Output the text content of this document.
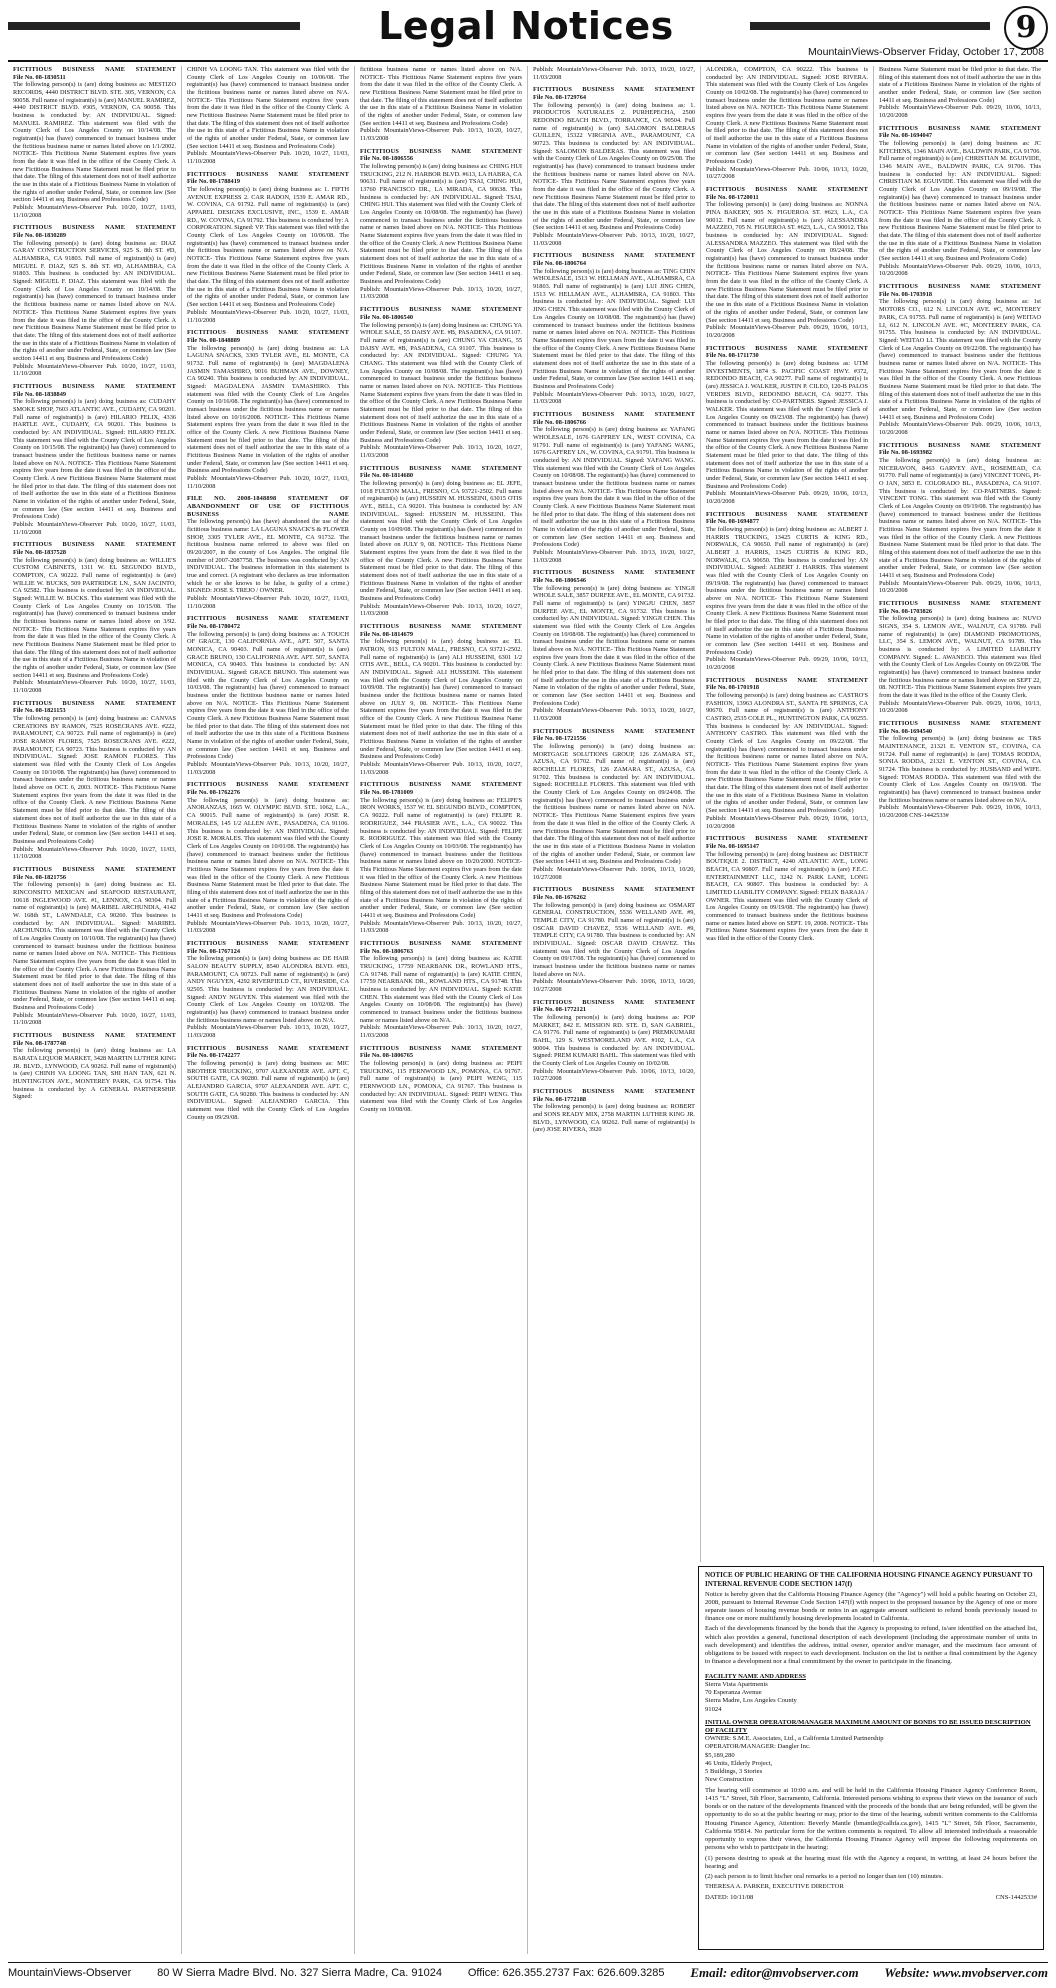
Legal Notices	9
MountainViews-Observer Friday, October 17, 2008
FICTITIOUS BUSINESS NAME STATEMENT
File No. 08-1830511

The following person(s) is (are) doing business as: MESTIZO RECORDS, 4440 DISTRICT BLVD. STE. 305, VERNON, CA 90058. Full name of registrant(s) is (are) MANUEL RAMIREZ, 4440 DISTRICT BLVD. #305, VERNON, CA 90058. This business is conducted by: AN INDIVIDUAL. Signed: MANUEL RAMIREZ. This statement was filed with the County Clerk of Los Angeles County on 10/14/08. The registrant(s) has (have) commenced to transact business under the fictitious business name or names listed above on 1/1/2002. NOTICE- This Fictitious Name Statement expires five years from the date it was filed in the office of the County Clerk. A new Fictitious Business Name Statement must be filed prior to that date. The filing of this statement does not of itself authorize the use in this state of a Fictitious Business Name in violation of the rights of another under Federal, State, or common law (See section 14411 et seq. Business and Professions Code)

Publish: MountainViews-Observer Pub. 10/20, 10/27, 11/03, 11/10/2008
FICTITIOUS BUSINESS NAME STATEMENT
File No. 08-1830289

The following person(s) is (are) doing business as: DIAZ GARAY CONSTRUCTION SERVICES, 925 S. 8th ST. #D, ALHAMBRA, CA 91803. Full name of registrant(s) is (are) MIGUEL F. DIAZ, 925 S. 8th ST. #D, ALHAMBRA, CA 91803. This business is conducted by: AN INDIVIDUAL. Signed: MIGUEL F. DIAZ. This statement was filed with the County Clerk of Los Angeles County on 10/14/08. The registrant(s) has (have) commenced to transact business under the fictitious business name or names listed above on N/A. NOTICE- This Fictitious Name Statement expires five years from the date it was filed in the office of the County Clerk. A new Fictitious Business Name Statement must be filed prior to that date. The filing of this statement does not of itself authorize the use in this state of a Fictitious Business Name in violation of the rights of another under Federal, State, or common law (See section 14411 et seq. Business and Professions Code)

Publish: MountainViews-Observer Pub. 10/20, 10/27, 11/03, 11/10/2008
FICTITIOUS BUSINESS NAME STATEMENT
File No. 08-1838849

The following person(s) is (are) doing business as: CUDAHY SMOKE SHOP, 7603 ATLANTIC AVE., CUDAHY, CA 90201. Full name of registrant(s) is (are) HILARIO FELIX, 4336 HARTLE AVE., CUDAHY, CA 90201. This business is conducted by: AN INDIVIDUAL. Signed: HILARIO FELIX. This statement was filed with the County Clerk of Los Angeles County on 10/15/08. The registrant(s) has (have) commenced to transact business under the fictitious business name or names listed above on N/A. NOTICE- This Fictitious Name Statement expires five years from the date it was filed in the office of the County Clerk. A new Fictitious Business Name Statement must be filed prior to that date. The filing of this statement does not of itself authorize the use in this state of a Fictitious Business Name in violation of the rights of another under Federal, State, or common law (See section 14411 et seq. Business and Professions Code)

Publish: MountainViews-Observer Pub. 10/20, 10/27, 11/03, 11/10/2008
FICTITIOUS BUSINESS NAME STATEMENT
File No. 08-1837528

The following person(s) is (are) doing business as: WILLIE'S CUSTOM CABINETS, 1311 W. EL SEGUNDO BLVD., COMPTON, CA 90222. Full name of registrant(s) is (are) WILLIE W. BUCKS, 509 PARTRIDGE LN., SAN JACINTO, CA 92582. This business is conducted by: AN INDIVIDUAL. Signed: WILLIE W. BUCKS. This statement was filed with the County Clerk of Los Angeles County on 10/15/08. The registrant(s) has (have) commenced to transact business under the fictitious business name or names listed above on 3/92. NOTICE- This Fictitious Name Statement expires five years from the date it was filed in the office of the County Clerk. A new Fictitious Business Name Statement must be filed prior to that date. The filing of this statement does not of itself authorize the use in this state of a Fictitious Business Name in violation of the rights of another under Federal, State, or common law (See section 14411 et seq. Business and Professions Code)

Publish: MountainViews-Observer Pub. 10/20, 10/27, 11/03, 11/10/2008
FICTITIOUS BUSINESS NAME STATEMENT
File No. 08-1821153

The following person(s) is (are) doing business as: CANVAS CREATIONS BY RAMON, 7525 ROSECRANS AVE. #222, PARAMOUNT, CA 90723. Full name of registrant(s) is (are) JOSE RAMON FLORES, 7525 ROSECRANS AVE. #222, PARAMOUNT, CA 90723. This business is conducted by: AN INDIVIDUAL. Signed: JOSE RAMON FLORES. This statement was filed with the County Clerk of Los Angeles County on 10/10/08. The registrant(s) has (have) commenced to transact business under the fictitious business name or names listed above on OCT. 6, 2003. NOTICE- This Fictitious Name Statement expires five years from the date it was filed in the office of the County Clerk. A new Fictitious Business Name Statement must be filed prior to that date. The filing of this statement does not of itself authorize the use in this state of a Fictitious Business Name in violation of the rights of another under Federal, State, or common law (See section 14411 et seq. Business and Professions Code)

Publish: MountainViews-Observer Pub. 10/20, 10/27, 11/03, 11/10/2008
FICTITIOUS BUSINESS NAME STATEMENT
File No. 08-1821756

The following person(s) is (are) doing business as: EL RINCONSITO MEXICAN and SEAFOOD RESTAURANT, 10618 INGLEWOOD AVE. #1, LENNOX, CA 90304. Full name of registrant(s) is (are) MARIBEL ARCHUNDIA, 4142 W. 168th ST., LAWNDALE, CA 90260. This business is conducted by: AN INDIVIDUAL. Signed: MARIBEL ARCHUNDIA. This statement was filed with the County Clerk of Los Angeles County on 10/10/08. The registrant(s) has (have) commenced to transact business under the fictitious business name or names listed above on N/A. NOTICE- This Fictitious Name Statement expires five years from the date it was filed in the office of the County Clerk. A new Fictitious Business Name Statement must be filed prior to that date. The filing of this statement does not of itself authorize the use in this state of a Fictitious Business Name in violation of the rights of another under Federal, State, or common law (See section 14411 et seq. Business and Professions Code)

Publish: MountainViews-Observer Pub. 10/20, 10/27, 11/03, 11/10/2008
FICTITIOUS BUSINESS NAME STATEMENT
File No. 08-1787748

The following person(s) is (are) doing business as: LA BARATA LIQUOR MARKET, 3428 MARTIN LUTHER KING JR. BLVD., LYNWOOD, CA 90262. Full name of registrant(s) is (are) CHINH VA LOONG TAN, SHI HAN TAN, 621 N. HUNTINGTON AVE., MONTEREY PARK, CA 91754. This business is conducted by: A GENERAL PARTNERSHIP. Signed:

CHINH VA LOONG TAN. This statement was filed with the County Clerk of Los Angeles County on 10/06/08. The registrant(s) has (have) commenced to transact business under the fictitious business name or names listed above on N/A. NOTICE- This Fictitious Name Statement expires five years from the date it was filed in the office of the County Clerk. A new Fictitious Business Name Statement must be filed prior to that date. The filing of this statement does not of itself authorize the use in this state of a Fictitious Business Name in violation of the rights of another under Federal, State, or common law (See section 14411 et seq. Business and Professions Code)

Publish: MountainViews-Observer Pub. 10/20, 10/27, 11/03, 11/10/2008
FICTITIOUS BUSINESS NAME STATEMENT
File No. 08-1788419

The following person(s) is (are) doing business as: 1. FIFTH AVENUE EXPRESS 2. CAR RADON, 1539 E. AMAR RD., W. COVINA, CA 91792. Full name of registrant(s) is (are) APPAREL DESIGNS EXCLUSIVE, INC., 1539 E. AMAR RD., W. COVINA, CA 91792. This business is conducted by: A CORPORATION. Signed: VP. This statement was filed with the County Clerk of Los Angeles County on 10/06/08. The registrant(s) has (have) commenced to transact business under the fictitious business name or names listed above on N/A. NOTICE- This Fictitious Name Statement expires five years from the date it was filed in the office of the County Clerk. A new Fictitious Business Name Statement must be filed prior to that date. The filing of this statement does not of itself authorize the use in this state of a Fictitious Business Name in violation of the rights of another under Federal, State, or common law (See section 14411 et seq. Business and Professions Code)

Publish: MountainViews-Observer Pub. 10/20, 10/27, 11/03, 11/10/2008
FICTITIOUS BUSINESS NAME STATEMENT
File No. 08-1848889

The following person(s) is (are) doing business as: LA LAGUNA SNACKS, 3305 TYLER AVE., EL MONTE, CA 91732. Full name of registrant(s) is (are) MAGDALENA JASMIN TAMASHIRO, 9016 BUHMAN AVE., DOWNEY, CA 90240. This business is conducted by: AN INDIVIDUAL. Signed: MAGDALENA JASMIN TAMASHIRO. This statement was filed with the County Clerk of Los Angeles County on 10/16/08. The registrant(s) has (have) commenced to transact business under the fictitious business name or names listed above on 10/16/2008. NOTICE- This Fictitious Name Statement expires five years from the date it was filed in the office of the County Clerk. A new Fictitious Business Name Statement must be filed prior to that date. The filing of this statement does not of itself authorize the use in this state of a Fictitious Business Name in violation of the rights of another under Federal, State, or common law (See section 14411 et seq. Business and Professions Code)

Publish: MountainViews-Observer Pub. 10/20, 10/27, 11/03, 11/10/2008
FILE NO. 2008-1848898 STATEMENT OF ABANDONMENT OF USE OF FICTITIOUS BUSINESS NAME

The following person(s) has (have) abandoned the use of the fictitious business name: LA LAGUNA SNACK'S & FLOWER SHOP, 3305 TYLER AVE., EL MONTE, CA 91732. The fictitious business name referred to above was filed on 09/20/2007, in the county of Los Angeles. The original file number of 2007-2087758. The business was conducted by: AN INDIVIDUAL. The business information in this statement is true and correct. (A registrant who declares as true information which he or she knows to be false, is guilty of a crime.) SIGNED: JOSE S. TREJO / OWNER.

Publish: MountainViews-Observer Pub. 10/20, 10/27, 11/03, 11/10/2008
FICTITIOUS BUSINESS NAME STATEMENT
File No. 08-1780472

The following person(s) is (are) doing business as: A TOUCH OF GRACE, 130 CALIFORNIA AVE., APT. 507, SANTA MONICA, CA 90403. Full name of registrant(s) is (are) GRACE BRUNO, 130 CALIFORNIA AVE. APT. 507, SANTA MONICA, CA 90403. This business is conducted by: AN INDIVIDUAL. Signed: GRACE BRUNO. This statement was filed with the County Clerk of Los Angeles County on 10/03/08. The registrant(s) has (have) commenced to transact business under the fictitious business name or names listed above on N/A. NOTICE- This Fictitious Name Statement expires five years from the date it was filed in the office of the County Clerk. A new Fictitious Business Name Statement must be filed prior to that date. The filing of this statement does not of itself authorize the use in this state of a Fictitious Business Name in violation of the rights of another under Federal, State, or common law (See section 14411 et seq. Business and Professions Code)

Publish: MountainViews-Observer Pub. 10/13, 10/20, 10/27, 11/03/2008
FICTITIOUS BUSINESS NAME STATEMENT
File No. 08-1762276

The following person(s) is (are) doing business as: ANORANZAS, 1665 W. OLYMPIC BLVD. STE. 1062, L.A., CA 90015. Full name of registrant(s) is (are) JOSE R. MORALES, 145 1/2 ALLEN AVE., PASADENA, CA 91106. This business is conducted by: AN INDIVIDUAL. Signed: JOSE R. MORALES. This statement was filed with the County Clerk of Los Angeles County on 10/01/08. The registrant(s) has (have) commenced to transact business under the fictitious business name or names listed above on N/A. NOTICE- This Fictitious Name Statement expires five years from the date it was filed in the office of the County Clerk. A new Fictitious Business Name Statement must be filed prior to that date. The filing of this statement does not of itself authorize the use in this state of a Fictitious Business Name in violation of the rights of another under Federal, State, or common law (See section 14411 et seq. Business and Professions Code)

Publish: MountainViews-Observer Pub. 10/13, 10/20, 10/27, 11/03/2008
FICTITIOUS BUSINESS NAME STATEMENT
File No. 08-1767124

The following person(s) is (are) doing business as: DE HAIR SALON BEAUTY SUPPLY, 8540 ALONDRA BLVD. #B3, PARAMOUNT, CA 90723. Full name of registrant(s) is (are) ANDY NGUYEN, 4292 RIVERFIELD CT., RIVERSIDE, CA 92505. This business is conducted by: AN INDIVIDUAL. Signed: ANDY NGUYEN. This statement was filed with the County Clerk of Los Angeles County on 10/02/08. The registrant(s) has (have) commenced to transact business under the fictitious business name or names listed above on N/A.

Publish: MountainViews-Observer Pub. 10/13, 10/20, 10/27, 11/03/2008
FICTITIOUS BUSINESS NAME STATEMENT
File No. 08-1742277

The following person(s) is (are) doing business as: MIC BROTHER TRUCKING, 9707 ALEXANDER AVE. APT. C, SOUTH GATE, CA 90280. Full name of registrant(s) is (are) ALEJANDRO GARCIA, 9707 ALEXANDER AVE. APT. C, SOUTH GATE, CA 90280. This business is conducted by: AN INDIVIDUAL. Signed: ALEJANDRO GARCIA. This statement was filed with the County Clerk of Los Angeles County on 09/29/08.

fictitious business name or names listed above on N/A. NOTICE- This Fictitious Name Statement expires five years from the date it was filed in the office of the County Clerk. A new Fictitious Business Name Statement must be filed prior to that date. The filing of this statement does not of itself authorize the use in this state of a Fictitious Business Name in violation of the rights of another under Federal, State, or common law (See section 14411 et seq. Business and Professions Code)

Publish: MountainViews-Observer Pub. 10/13, 10/20, 10/27, 11/03/2008
FICTITIOUS BUSINESS NAME STATEMENT
File No. 08-1806556

The following person(s) is (are) doing business as: CHING HUI TRUCKING, 212 N. HARBOR BLVD. #613, LA HABRA, CA 90631. Full name of registrant(s) is (are) TSAI, CHING HUI, 13760 FRANCISCO DR., LA MIRADA, CA 90638. This business is conducted by: AN INDIVIDUAL. Signed: TSAI, CHING HUI. This statement was filed with the County Clerk of Los Angeles County on 10/08/08. The registrant(s) has (have) commenced to transact business under the fictitious business name or names listed above on N/A. NOTICE- This Fictitious Name Statement expires five years from the date it was filed in the office of the County Clerk. A new Fictitious Business Name Statement must be filed prior to that date. The filing of this statement does not of itself authorize the use in this state of a Fictitious Business Name in violation of the rights of another under Federal, State, or common law (See section 14411 et seq. Business and Professions Code)

Publish: MountainViews-Observer Pub. 10/13, 10/20, 10/27, 11/03/2008
FICTITIOUS BUSINESS NAME STATEMENT
File No. 08-1806540

The following person(s) is (are) doing business as: CHUNG YA WHOLE SALE, 55 DAISY AVE. #B, PASADENA, CA 91107. Full name of registrant(s) is (are) CHUNG YA CHANG, 55 DAISY AVE. #B, PASADENA, CA 91107. This business is conducted by: AN INDIVIDUAL. Signed: CHUNG YA CHANG. This statement was filed with the County Clerk of Los Angeles County on 10/08/08. The registrant(s) has (have) commenced to transact business under the fictitious business name or names listed above on N/A. NOTICE- This Fictitious Name Statement expires five years from the date it was filed in the office of the County Clerk. A new Fictitious Business Name Statement must be filed prior to that date. The filing of this statement does not of itself authorize the use in this state of a Fictitious Business Name in violation of the rights of another under Federal, State, or common law (See section 14411 et seq. Business and Professions Code)

Publish: MountainViews-Observer Pub. 10/13, 10/20, 10/27, 11/03/2008
FICTITIOUS BUSINESS NAME STATEMENT
File No. 08-1814680

The following person(s) is (are) doing business as: EL JEFE, 1018 FULTON MALL, FRESNO, CA 93721-2502. Full name of registrant(s) is (are) HUSSEIN M. HUSSEINI, 63015 OTIS AVE., BELL, CA 90201. This business is conducted by: AN INDIVIDUAL. Signed: HUSSEIN M. HUSSEINI. This statement was filed with the County Clerk of Los Angeles County on 10/09/08. The registrant(s) has (have) commenced to transact business under the fictitious business name or names listed above on JULY 9, 08. NOTICE- This Fictitious Name Statement expires five years from the date it was filed in the office of the County Clerk. A new Fictitious Business Name Statement must be filed prior to that date. The filing of this statement does not of itself authorize the use in this state of a Fictitious Business Name in violation of the rights of another under Federal, State, or common law (See section 14411 et seq. Business and Professions Code)

Publish: MountainViews-Observer Pub. 10/13, 10/20, 10/27, 11/03/2008
FICTITIOUS BUSINESS NAME STATEMENT
File No. 08-1814679

The following person(s) is (are) doing business as: EL PATRON, 913 FULTON MALL, FRESNO, CA 93721-2502. Full name of registrant(s) is (are) ALI HUSSEINI, 6301 1/2 OTIS AVE., BELL, CA 90201. This business is conducted by: AN INDIVIDUAL. Signed: ALI HUSSEINI. This statement was filed with the County Clerk of Los Angeles County on 10/09/08. The registrant(s) has (have) commenced to transact business under the fictitious business name or names listed above on JULY 9, 08. NOTICE- This Fictitious Name Statement expires five years from the date it was filed in the office of the County Clerk. A new Fictitious Business Name Statement must be filed prior to that date. The filing of this statement does not of itself authorize the use in this state of a Fictitious Business Name in violation of the rights of another under Federal, State, or common law (See section 14411 et seq. Business and Professions Code)

Publish: MountainViews-Observer Pub. 10/13, 10/20, 10/27, 11/03/2008
FICTITIOUS BUSINESS NAME STATEMENT
File No. 08-1781009

The following person(s) is (are) doing business as: FELIPE'S IRON WORKS, 1537 W. EL SEGUNDO BLVD., COMPTON, CA 90222. Full name of registrant(s) is (are) FELIPE R. RODRIGUEZ, 344 FRASIER AVE., L.A., CA 90022. This business is conducted by: AN INDIVIDUAL. Signed: FELIPE R. RODRIGUEZ. This statement was filed with the County Clerk of Los Angeles County on 10/03/08. The registrant(s) has (have) commenced to transact business under the fictitious business name or names listed above on 10/20/2000. NOTICE- This Fictitious Name Statement expires five years from the date it was filed in the office of the County Clerk. A new Fictitious Business Name Statement must be filed prior to that date. The filing of this statement does not of itself authorize the use in this state of a Fictitious Business Name in violation of the rights of another under Federal, State, or common law (See section 14411 et seq. Business and Professions Code)

Publish: MountainViews-Observer Pub. 10/13, 10/20, 10/27, 11/03/2008
FICTITIOUS BUSINESS NAME STATEMENT
File No. 08-1806763

The following person(s) is (are) doing business as: KATIE TRUCKING, 17759 NEARBANK DR., ROWLAND HTS., CA 91748. Full name of registrant(s) is (are) KATIE CHEN, 17759 NEARBANK DR., ROWLAND HTS., CA 91748. This business is conducted by: AN INDIVIDUAL. Signed: KATIE CHEN. This statement was filed with the County Clerk of Los Angeles County on 10/08/08. The registrant(s) has (have) commenced to transact business under the fictitious business name or names listed above on N/A.

Publish: MountainViews-Observer Pub. 10/13, 10/20, 10/27, 11/03/2008
FICTITIOUS BUSINESS NAME STATEMENT
File No. 08-1806765

The following person(s) is (are) doing business as: PEIFI TRUCKING, 115 FERNWOOD LN., POMONA, CA 91767. Full name of registrant(s) is (are) PEIFI WENG, 115 FERNWOOD LN., POMONA, CA 91767. This business is conducted by: AN INDIVIDUAL. Signed: PEIFI WENG. This statement was filed with the County Clerk of Los Angeles County on 10/08/08.

Publish: MountainViews-Observer Pub. 10/13, 10/20, 10/27, 11/03/2008

FICTITIOUS BUSINESS NAME STATEMENT
File No. 08-1729764

The following person(s) is (are) doing business as: 1. PRODUCTOS NATURALES 2. PURHEPECHA, 2500 REDONDO BEACH BLVD., TORRANCE, CA 90504. Full name of registrant(s) is (are) SALOMON BALDERAS GUILLEN, 15322 VIRGINIA AVE., PARAMOUNT, CA 90723. This business is conducted by: AN INDIVIDUAL. Signed: SALOMON BALDERAS. This statement was filed with the County Clerk of Los Angeles County on 09/25/08. The registrant(s) has (have) commenced to transact business under the fictitious business name or names listed above on N/A. NOTICE- This Fictitious Name Statement expires five years from the date it was filed in the office of the County Clerk. A new Fictitious Business Name Statement must be filed prior to that date. The filing of this statement does not of itself authorize the use in this state of a Fictitious Business Name in violation of the rights of another under Federal, State, or common law (See section 14411 et seq. Business and Professions Code)

Publish: MountainViews-Observer Pub. 10/13, 10/20, 10/27, 11/03/2008
FICTITIOUS BUSINESS NAME STATEMENT
File No. 08-1806764

The following person(s) is (are) doing business as: TING CHIN WHOLESALE, 1513 W. HELLMAN AVE., ALHAMBRA, CA 91803. Full name of registrant(s) is (are) LUI JING CHEN, 1513 W. HELLMAN AVE., ALHAMBRA, CA 91803. This business is conducted by: AN INDIVIDUAL. Signed: LUI JING CHEN. This statement was filed with the County Clerk of Los Angeles County on 10/08/08. The registrant(s) has (have) commenced to transact business under the fictitious business name or names listed above on N/A. NOTICE- This Fictitious Name Statement expires five years from the date it was filed in the office of the County Clerk. A new Fictitious Business Name Statement must be filed prior to that date. The filing of this statement does not of itself authorize the use in this state of a Fictitious Business Name in violation of the rights of another under Federal, State, or common law (See section 14411 et seq. Business and Professions Code)

Publish: MountainViews-Observer Pub. 10/13, 10/20, 10/27, 11/03/2008
FICTITIOUS BUSINESS NAME STATEMENT
File No. 08-1806766

The following person(s) is (are) doing business as: YAFANG WHOLESALE, 1676 GAFFREY LN., WEST COVINA, CA 91791. Full name of registrant(s) is (are) YAFANG WANG, 1676 GAFFREY LN., W. COVINA, CA 91791. This business is conducted by: AN INDIVIDUAL. Signed: YAFANG WANG. This statement was filed with the County Clerk of Los Angeles County on 10/08/08. The registrant(s) has (have) commenced to transact business under the fictitious business name or names listed above on N/A. NOTICE- This Fictitious Name Statement expires five years from the date it was filed in the office of the County Clerk. A new Fictitious Business Name Statement must be filed prior to that date. The filing of this statement does not of itself authorize the use in this state of a Fictitious Business Name in violation of the rights of another under Federal, State, or common law (See section 14411 et seq. Business and Professions Code)

Publish: MountainViews-Observer Pub. 10/13, 10/20, 10/27, 11/03/2008
FICTITIOUS BUSINESS NAME STATEMENT
File No. 08-1806546

The following person(s) is (are) doing business as: YINGJI WHOLE SALE, 3857 DURFEE AVE., EL MONTE, CA 91732. Full name of registrant(s) is (are) YINGJU CHEN, 3857 DURFEE AVE., EL MONTE, CA 91732. This business is conducted by: AN INDIVIDUAL. Signed: YINGJI CHEN. This statement was filed with the County Clerk of Los Angeles County on 10/08/08. The registrant(s) has (have) commenced to transact business under the fictitious business name or names listed above on N/A. NOTICE- This Fictitious Name Statement expires five years from the date it was filed in the office of the County Clerk. A new Fictitious Business Name Statement must be filed prior to that date. The filing of this statement does not of itself authorize the use in this state of a Fictitious Business Name in violation of the rights of another under Federal, State, or common law (See section 14411 et seq. Business and Professions Code)

Publish: MountainViews-Observer Pub. 10/13, 10/20, 10/27, 11/03/2008
FICTITIOUS BUSINESS NAME STATEMENT
File No. 08-1721556

The following person(s) is (are) doing business as: MORTGAGE SOLUTIONS GROUP, 126 ZAMARA ST., AZUSA, CA 91702. Full name of registrant(s) is (are) ROCHELLE FLORES, 126 ZAMARA ST., AZUSA, CA 91702. This business is conducted by: AN INDIVIDUAL. Signed: ROCHELLE FLORES. This statement was filed with the County Clerk of Los Angeles County on 09/24/08. The registrant(s) has (have) commenced to transact business under the fictitious business name or names listed above on N/A. NOTICE- This Fictitious Name Statement expires five years from the date it was filed in the office of the County Clerk. A new Fictitious Business Name Statement must be filed prior to that date. The filing of this statement does not of itself authorize the use in this state of a Fictitious Business Name in violation of the rights of another under Federal, State, or common law (See section 14411 et seq. Business and Professions Code)

Publish: MountainViews-Observer Pub. 10/06, 10/13, 10/20, 10/27/2008
FICTITIOUS BUSINESS NAME STATEMENT
File No. 08-1676262

The following person(s) is (are) doing business as: OSMART GENERAL CONSTRUCTION, 5536 WELLAND AVE. #9, TEMPLE CITY, CA 91780. Full name of registrant(s) is (are) OSCAR DAVID CHAVEZ, 5536 WELLAND AVE. #9, TEMPLE CITY, CA 91780. This business is conducted by: AN INDIVIDUAL. Signed: OSCAR DAVID CHAVEZ. This statement was filed with the County Clerk of Los Angeles County on 09/17/08. The registrant(s) has (have) commenced to transact business under the fictitious business name or names listed above on N/A.

Publish: MountainViews-Observer Pub. 10/06, 10/13, 10/20, 10/27/2008
FICTITIOUS BUSINESS NAME STATEMENT
File No. 08-1772121

The following person(s) is (are) doing business as: POP MARKET, 842 E. MISSION RD. STE. D, SAN GABRIEL, CA 91776. Full name of registrant(s) is (are) PREMKUMARI BAHL, 129 S. WESTMORELAND AVE. #102, L.A., CA 90004. This business is conducted by: AN INDIVIDUAL. Signed: PREM KUMARI BAHL. This statement was filed with the County Clerk of Los Angeles County on 10/02/08.

Publish: MountainViews-Observer Pub. 10/06, 10/13, 10/20, 10/27/2008
FICTITIOUS BUSINESS NAME STATEMENT
File No. 08-1772188

The following person(s) is (are) doing business as: ROBERT and SONS READY MIX, 2758 MARTIN LUTHER KING JR. BLVD., LYNWOOD, CA 90262. Full name of registrant(s) is (are) JOSE RIVERA, 3920

ALONDRA, COMPTON, CA 90222. This business is conducted by: AN INDIVIDUAL. Signed: JOSE RIVERA. This statement was filed with the County Clerk of Los Angeles County on 10/02/08. The registrant(s) has (have) commenced to transact business under the fictitious business name or names listed above on N/A. NOTICE- This Fictitious Name Statement expires five years from the date it was filed in the office of the County Clerk. A new Fictitious Business Name Statement must be filed prior to that date. The filing of this statement does not of itself authorize the use in this state of a Fictitious Business Name in violation of the rights of another under Federal, State, or common law (See section 14411 et seq. Business and Professions Code)

Publish: MountainViews-Observer Pub. 10/06, 10/13, 10/20, 10/27/2008
FICTITIOUS BUSINESS NAME STATEMENT
File No. 08-1720011

The following person(s) is (are) doing business as: NONNA PINA BAKERY, 905 N. FIGUEROA ST. #623, L.A., CA 90012. Full name of registrant(s) is (are) ALESSANDRA MAZZEO, 705 N. FIGUEROA ST. #623, L.A., CA 90012. This business is conducted by: AN INDIVIDUAL. Signed: ALESSANDRA MAZZEO. This statement was filed with the County Clerk of Los Angeles County on 09/24/08. The registrant(s) has (have) commenced to transact business under the fictitious business name or names listed above on N/A. NOTICE- This Fictitious Name Statement expires five years from the date it was filed in the office of the County Clerk. A new Fictitious Business Name Statement must be filed prior to that date. The filing of this statement does not of itself authorize the use in this state of a Fictitious Business Name in violation of the rights of another under Federal, State, or common law (See section 14411 et seq. Business and Professions Code)

Publish: MountainViews-Observer Pub. 09/29, 10/06, 10/13, 10/20/2008
FICTITIOUS BUSINESS NAME STATEMENT
File No. 08-1711730

The following person(s) is (are) doing business as: UTM INVESTMENTS, 1874 S. PACIFIC COAST HWY. #372, REDONDO BEACH, CA 90277. Full name of registrant(s) is (are) JESSICA J. WALKER, JUSTIN P. CILEO, 120-B PALOS VERDES BLVD., REDONDO BEACH, CA 90277. This business is conducted by: CO-PARTNERS. Signed: JESSICA J. WALKER. This statement was filed with the County Clerk of Los Angeles County on 09/23/08. The registrant(s) has (have) commenced to transact business under the fictitious business name or names listed above on N/A. NOTICE- This Fictitious Name Statement expires five years from the date it was filed in the office of the County Clerk. A new Fictitious Business Name Statement must be filed prior to that date. The filing of this statement does not of itself authorize the use in this state of a Fictitious Business Name in violation of the rights of another under Federal, State, or common law (See section 14411 et seq. Business and Professions Code)

Publish: MountainViews-Observer Pub. 09/29, 10/06, 10/13, 10/20/2008
FICTITIOUS BUSINESS NAME STATEMENT
File No. 08-1694877

The following person(s) is (are) doing business as: ALBERT J. HARRIS TRUCKING, 13425 CURTIS & KING RD., NORWALK, CA 90650. Full name of registrant(s) is (are) ALBERT J. HARRIS, 13425 CURTIS & KING RD., NORWALK, CA 90650. This business is conducted by: AN INDIVIDUAL. Signed: ALBERT J. HARRIS. This statement was filed with the County Clerk of Los Angeles County on 09/19/08. The registrant(s) has (have) commenced to transact business under the fictitious business name or names listed above on N/A. NOTICE- This Fictitious Name Statement expires five years from the date it was filed in the office of the County Clerk. A new Fictitious Business Name Statement must be filed prior to that date. The filing of this statement does not of itself authorize the use in this state of a Fictitious Business Name in violation of the rights of another under Federal, State, or common law (See section 14411 et seq. Business and Professions Code)

Publish: MountainViews-Observer Pub. 09/29, 10/06, 10/13, 10/20/2008
FICTITIOUS BUSINESS NAME STATEMENT
File No. 08-1701918

The following person(s) is (are) doing business as: CASTRO'S FASHION, 13963 ALONDRA ST., SANTA FE SPRINGS, CA 90670. Full name of registrant(s) is (are) ANTHONY CASTRO, 2535 COLE PL., HUNTINGTON PARK, CA 90255. This business is conducted by: AN INDIVIDUAL. Signed: ANTHONY CASTRO. This statement was filed with the County Clerk of Los Angeles County on 09/22/08. The registrant(s) has (have) commenced to transact business under the fictitious business name or names listed above on N/A. NOTICE- This Fictitious Name Statement expires five years from the date it was filed in the office of the County Clerk. A new Fictitious Business Name Statement must be filed prior to that date. The filing of this statement does not of itself authorize the use in this state of a Fictitious Business Name in violation of the rights of another under Federal, State, or common law (See section 14411 et seq. Business and Professions Code)

Publish: MountainViews-Observer Pub. 09/29, 10/06, 10/13, 10/20/2008
FICTITIOUS BUSINESS NAME STATEMENT
File No. 08-1695147

The following person(s) is (are) doing business as: DISTRICT BOUTIQUE 2. DISTRICT, 4240 ATLANTIC AVE., LONG BEACH, CA 90807. Full name of registrant(s) is (are) F.E.C. ENTERTAINMENT LLC, 3242 N. PARK LANE, LONG BEACH, CA 90807. This business is conducted by: A LIMITED LIABILITY COMPANY. Signed: FELIX BARAJA / OWNER. This statement was filed with the County Clerk of Los Angeles County on 09/19/08. The registrant(s) has (have) commenced to transact business under the fictitious business name or names listed above on SEPT. 19, 2008. NOTICE- This Fictitious Name Statement expires five years from the date it was filed in the office of the County Clerk.

Business Name Statement must be filed prior to that date. The filing of this statement does not of itself authorize the use in this state of a Fictitious Business Name in violation of the rights of another under Federal, State, or common law (See section 14411 et seq. Business and Professions Code)

Publish: MountainViews-Observer Pub. 09/29, 10/06, 10/13, 10/20/2008
FICTITIOUS BUSINESS NAME STATEMENT
File No. 08-1694047

The following person(s) is (are) doing business as: JC KITCHENS, 1346 MAIN AVE., BALDWIN PARK, CA 91706. Full name of registrant(s) is (are) CHRISTIAN M. EGUIVIDE, 1346 MAIN AVE., BALDWIN PARK, CA 91706. This business is conducted by: AN INDIVIDUAL. Signed: CHRISTIAN M. EGUIVIDE. This statement was filed with the County Clerk of Los Angeles County on 09/19/08. The registrant(s) has (have) commenced to transact business under the fictitious business name or names listed above on N/A. NOTICE- This Fictitious Name Statement expires five years from the date it was filed in the office of the County Clerk. A new Fictitious Business Name Statement must be filed prior to that date. The filing of this statement does not of itself authorize the use in this state of a Fictitious Business Name in violation of the rights of another under Federal, State, or common law (See section 14411 et seq. Business and Professions Code)

Publish: MountainViews-Observer Pub. 09/29, 10/06, 10/13, 10/20/2008
FICTITIOUS BUSINESS NAME STATEMENT
File No. 08-1703918

The following person(s) is (are) doing business as: 1st MOTORS CO., 612 N. LINCOLN AVE. #C, MONTEREY PARK, CA 91755. Full name of registrant(s) is (are) WEITAO LI, 612 N. LINCOLN AVE. #C, MONTEREY PARK, CA 91755. This business is conducted by: AN INDIVIDUAL. Signed: WEITAO LI. This statement was filed with the County Clerk of Los Angeles County on 09/22/08. The registrant(s) has (have) commenced to transact business under the fictitious business name or names listed above on N/A. NOTICE- This Fictitious Name Statement expires five years from the date it was filed in the office of the County Clerk. A new Fictitious Business Name Statement must be filed prior to that date. The filing of this statement does not of itself authorize the use in this state of a Fictitious Business Name in violation of the rights of another under Federal, State, or common law (See section 14411 et seq. Business and Professions Code)

Publish: MountainViews-Observer Pub. 09/29, 10/06, 10/13, 10/20/2008
FICTITIOUS BUSINESS NAME STATEMENT
File No. 08-1693982

The following person(s) is (are) doing business as: NICERAVON, 8463 GARVEY AVE., ROSEMEAD, CA 91770. Full name of registrant(s) is (are) VINCENT TONG, PI-O JAN, 3853 E. COLORADO BL., PASADENA, CA 91107. This business is conducted by: CO-PARTNERS. Signed: VINCENT TONG. This statement was filed with the County Clerk of Los Angeles County on 09/19/08. The registrant(s) has (have) commenced to transact business under the fictitious business name or names listed above on N/A. NOTICE- This Fictitious Name Statement expires five years from the date it was filed in the office of the County Clerk. A new Fictitious Business Name Statement must be filed prior to that date. The filing of this statement does not of itself authorize the use in this state of a Fictitious Business Name in violation of the rights of another under Federal, State, or common law (See section 14411 et seq. Business and Professions Code)

Publish: MountainViews-Observer Pub. 09/29, 10/06, 10/13, 10/20/2008
FICTITIOUS BUSINESS NAME STATEMENT
File No. 08-1703826

The following person(s) is (are) doing business as: NUVO SIGNS, 354 S. LEMON AVE., WALNUT, CA 91789. Full name of registrant(s) is (are) DIAMOND PROMOTIONS, LLC, 354 S. LEMON AVE., WALNUT, CA 91789. This business is conducted by: A LIMITED LIABILITY COMPANY. Signed: L. AWANECO. This statement was filed with the County Clerk of Los Angeles County on 09/22/08. The registrant(s) has (have) commenced to transact business under the fictitious business name or names listed above on SEPT 22, 08. NOTICE- This Fictitious Name Statement expires five years from the date it was filed in the office of the County Clerk.

Publish: MountainViews-Observer Pub. 09/29, 10/06, 10/13, 10/20/2008
FICTITIOUS BUSINESS NAME STATEMENT
File No. 08-1694540

The following person(s) is (are) doing business as: T&S MAINTENANCE, 21321 E. VENTON ST., COVINA, CA 91724. Full name of registrant(s) is (are) TOMAS RODDA, SONIA RODDA, 21321 E. VENTON ST., COVINA, CA 91724. This business is conducted by: HUSBAND and WIFE. Signed: TOMAS RODDA. This statement was filed with the County Clerk of Los Angeles County on 09/19/08. The registrant(s) has (have) commenced to transact business under the fictitious business name or names listed above on N/A.

Publish: MountainViews-Observer Pub. 09/29, 10/06, 10/13, 10/20/2008 CNS-1442533#
NOTICE OF PUBLIC HEARING OF THE CALIFORNIA HOUSING FINANCE AGENCY PURSUANT TO INTERNAL REVENUE CODE SECTION 147(f)

Notice is hereby given that the California Housing Finance Agency (the "Agency") will hold a public hearing on October 23, 2008, pursuant to Internal Revenue Code Section 147(f) with respect to the proposed issuance by the Agency of one or more separate issues of housing revenue bonds or notes in an aggregate amount sufficient to refund bonds previously issued to finance one or more multifamily housing developments located in California.

Each of the developments financed by the bonds that the Agency is proposing to refund, is/are identified on the attached list, which also provides a general, functional description of each development (including the approximate number of units in each development) and identifies the address, initial owner, operator and/or manager, and the maximum face amount of obligations to be issued with respect to each development. Inclusion on the list is neither a final commitment by the Agency to finance a development nor a final commitment by the owner to participate in the financing.

FACILITY NAME AND ADDRESS
Sierra Vista Apartments
70 Esperanza Avenue
Sierra Madre, Los Angeles County
91024
INITIAL OWNER OPERATOR/MANAGER MAXIMUM AMOUNT OF BONDS TO BE ISSUED DESCRIPTION OF FACILITY
OWNER: S.M.E. Associates, Ltd., a California Limited Partnership
OPERATOR/MANAGER: Dangler Inc.
$5,189,280
46 Units, Elderly Project,
5 Buildings, 3 Stories
New Construction

The hearing will commence at 10:00 a.m. and will be held in the California Housing Finance Agency Conference Room, 1415 "L" Street, 5th Floor, Sacramento, California. Interested persons wishing to express their views on the issuance of such bonds or on the nature of the developments financed with the proceeds of the bonds that are being refunded, will be given the opportunity to do so at the public hearing or may, prior to the time of the hearing, submit written comments to the California Housing Finance Agency, Attention: Beverly Mantle (bmantle@calhfa.ca.gov), 1415 "L" Street, 5th Floor, Sacramento, California 95814. No particular form for the written comments is required. To allow all interested individuals a reasonable opportunity to express their views, the California Housing Finance Agency will impose the following requirements on persons who wish to participate in the hearing:

(1) persons desiring to speak at the hearing must file with the Agency a request, in writing, at least 24 hours before the hearing; and

(2) each person is to limit his/her oral remarks to a period no longer than ten (10) minutes.

THERESA A. PARKER, EXECUTIVE DIRECTOR
DATED: 10/11/08	CNS-1442533#
MountainViews-Observer 80 W Sierra Madre Blvd. No. 327 Sierra Madre, Ca. 91024 Office: 626.355.2737 Fax: 626.609.3285 Email: editor@mvobserver.com Website: www.mvobserver.com
